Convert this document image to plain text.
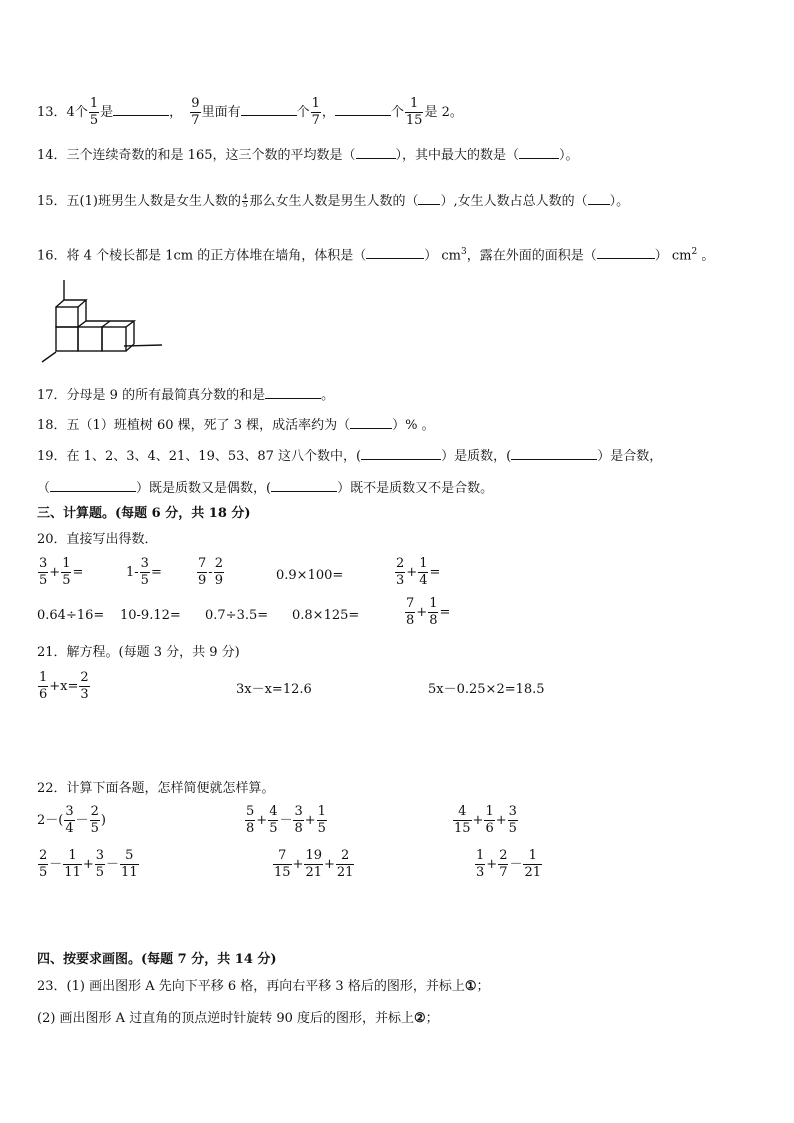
13．4个 $\frac{1}{5}$ 是	， $\frac{9}{7}$ 里面有	个 $\frac{1}{7}$ ，	个 $\frac{1}{15}$ 是 2。
14．三个连续奇数的和是 165，这三个数的平均数是（	），其中最大的数是（	）。
15．五(1)班男生人数是女生人数的 $\frac{4}{5}$ 那么女生人数是男生人数的（ ）,女生人数占总人数的（ ）。
16．将 4 个棱长都是 1cm 的正方体堆在墙角，体积是（	） $cm^3$，露在外面的面积是（	） $cm^2$ 。
17．分母是 9 的所有最简真分数的和是	。
18．五（1）班植树 60 棵，死了 3 棵，成活率约为（	）% 。
19．在 1、2、3、4、21、19、53、87 这八个数中，(	）是质数，(	）是合数，
（	）既是质数又是偶数，(	）既不是质数又不是合数。
三、计算题。(每题 6 分，共 18 分)
20．直接写出得数．
$\frac{3}{5} + \frac{1}{5}$ =	$1- \frac{3}{5}$ =	$\frac{7}{9} - \frac{2}{9}$	0.9×100=	$\frac{2}{3} + \frac{1}{4}$ =
0.64÷16= 10-9.12= 0.7÷3.5= 0.8×125=	$\frac{7}{8} + \frac{1}{8}$ =
21．解方程。(每题 3 分，共 9 分)
$\frac{1}{6} +x= \frac{2}{3}$	3x－x=12.6	5x－0.25×2=18.5
22．计算下面各题，怎样简便就怎样算。
$2-( \frac{3}{4} - \frac{2}{5}$ )	$\frac{5}{8} + \frac{4}{5} - \frac{3}{8} + \frac{1}{5}$	$\frac{4}{15} + \frac{1}{6} + \frac{3}{5}$
$\frac{2}{5} - \frac{1}{11} + \frac{3}{5} - \frac{5}{11}$	$\frac{7}{15} + \frac{19}{21} + \frac{2}{21}$	$\frac{1}{3} + \frac{2}{7} - \frac{1}{21}$
四、按要求画图。(每题 7 分，共 14 分)
23．(1) 画出图形 A 先向下平移 6 格，再向右平移 3 格后的图形，并标上①；
(2) 画出图形 A 过直角的顶点逆时针旋转 90 度后的图形，并标上②；
